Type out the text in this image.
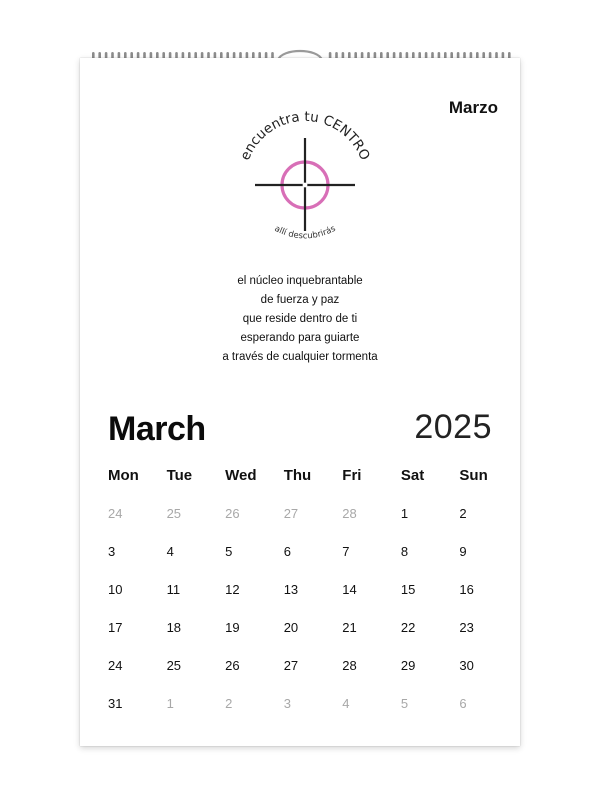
Marzo
encuentra tu CENTRO
allí descubrirás
el núcleo inquebrantable
de fuerza y paz
que reside dentro de ti
esperando para guiarte
a través de cualquier tormenta
March	2025
Mon	Tue	Wed	Thu	Fri	Sat	Sun
24	25	26	27	28	1	2
3	4	5	6	7	8	9
10	11	12	13	14	15	16
17	18	19	20	21	22	23
24	25	26	27	28	29	30
31	1	2	3	4	5	6
